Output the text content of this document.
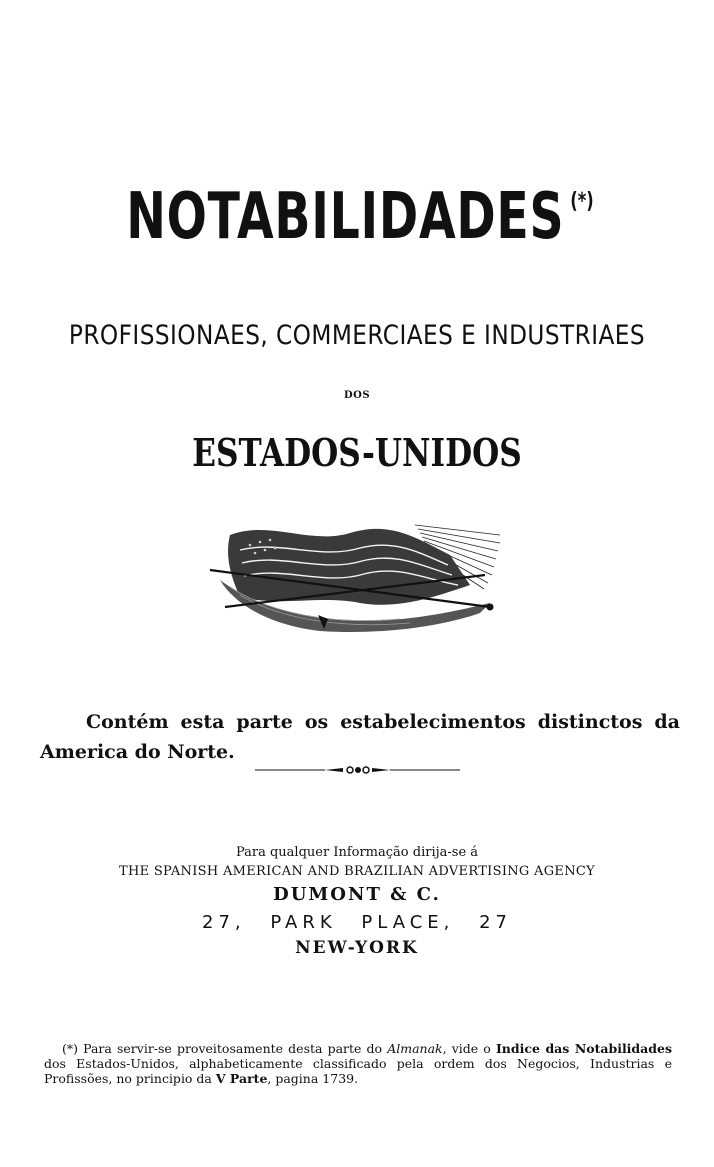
NOTABILIDADES (*)
PROFISSIONAES, COMMERCIAES E INDUSTRIAES
DOS
ESTADOS-UNIDOS

Contém esta parte os estabelecimentos distinctos da America do Norte.

Para qualquer Informação dirija-se á
THE SPANISH AMERICAN AND BRAZILIAN ADVERTISING AGENCY
DUMONT & C.
27, PARK PLACE, 27
NEW-YORK

(*) Para servir-se proveitosamente desta parte do Almanak, vide o Indice das Notabilidades dos Estados-Unidos, alphabeticamente classificado pela ordem dos Negocios, Industrias e Profissões, no principio da V Parte, pagina 1739.
